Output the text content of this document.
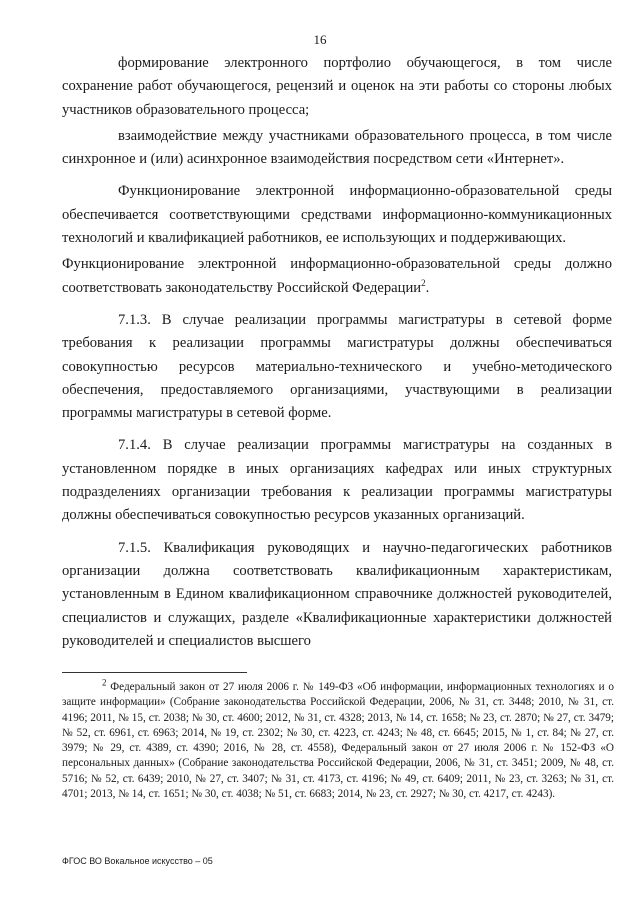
16

формирование электронного портфолио обучающегося, в том числе сохранение работ обучающегося, рецензий и оценок на эти работы со стороны любых участников образовательного процесса;

взаимодействие между участниками образовательного процесса, в том числе синхронное и (или) асинхронное взаимодействия посредством сети «Интернет».

Функционирование электронной информационно-образовательной среды обеспечивается соответствующими средствами информационно-коммуникационных технологий и квалификацией работников, ее использующих и поддерживающих.

Функционирование электронной информационно-образовательной среды должно соответствовать законодательству Российской Федерации$^2$.

7.1.3. В случае реализации программы магистратуры в сетевой форме требования к реализации программы магистратуры должны обеспечиваться совокупностью ресурсов материально-технического и учебно-методического обеспечения, предоставляемого организациями, участвующими в реализации программы магистратуры в сетевой форме.

7.1.4. В случае реализации программы магистратуры на созданных в установленном порядке в иных организациях кафедрах или иных структурных подразделениях организации требования к реализации программы магистратуры должны обеспечиваться совокупностью ресурсов указанных организаций.

7.1.5. Квалификация руководящих и научно-педагогических работников организации должна соответствовать квалификационным характеристикам, установленным в Едином квалификационном справочнике должностей руководителей, специалистов и служащих, разделе «Квалификационные характеристики должностей руководителей и специалистов высшего

$^2$ Федеральный закон от 27 июля 2006 г. № 149-ФЗ «Об информации, информационных технологиях и о защите информации» (Собрание законодательства Российской Федерации, 2006, № 31, ст. 3448; 2010, № 31, ст. 4196; 2011, № 15, ст. 2038; № 30, ст. 4600; 2012, № 31, ст. 4328; 2013, № 14, ст. 1658; № 23, ст. 2870; № 27, ст. 3479; № 52, ст. 6961, ст. 6963; 2014, № 19, ст. 2302; № 30, ст. 4223, ст. 4243; № 48, ст. 6645; 2015, № 1, ст. 84; № 27, ст. 3979; № 29, ст. 4389, ст. 4390; 2016, № 28, ст. 4558), Федеральный закон от 27 июля 2006 г. № 152-ФЗ «О персональных данных» (Собрание законодательства Российской Федерации, 2006, № 31, ст. 3451; 2009, № 48, ст. 5716; № 52, ст. 6439; 2010, № 27, ст. 3407; № 31, ст. 4173, ст. 4196; № 49, ст. 6409; 2011, № 23, ст. 3263; № 31, ст. 4701; 2013, № 14, ст. 1651; № 30, ст. 4038; № 51, ст. 6683; 2014, № 23, ст. 2927; № 30, ст. 4217, ст. 4243).

ФГОС ВО Вокальное искусство – 05
